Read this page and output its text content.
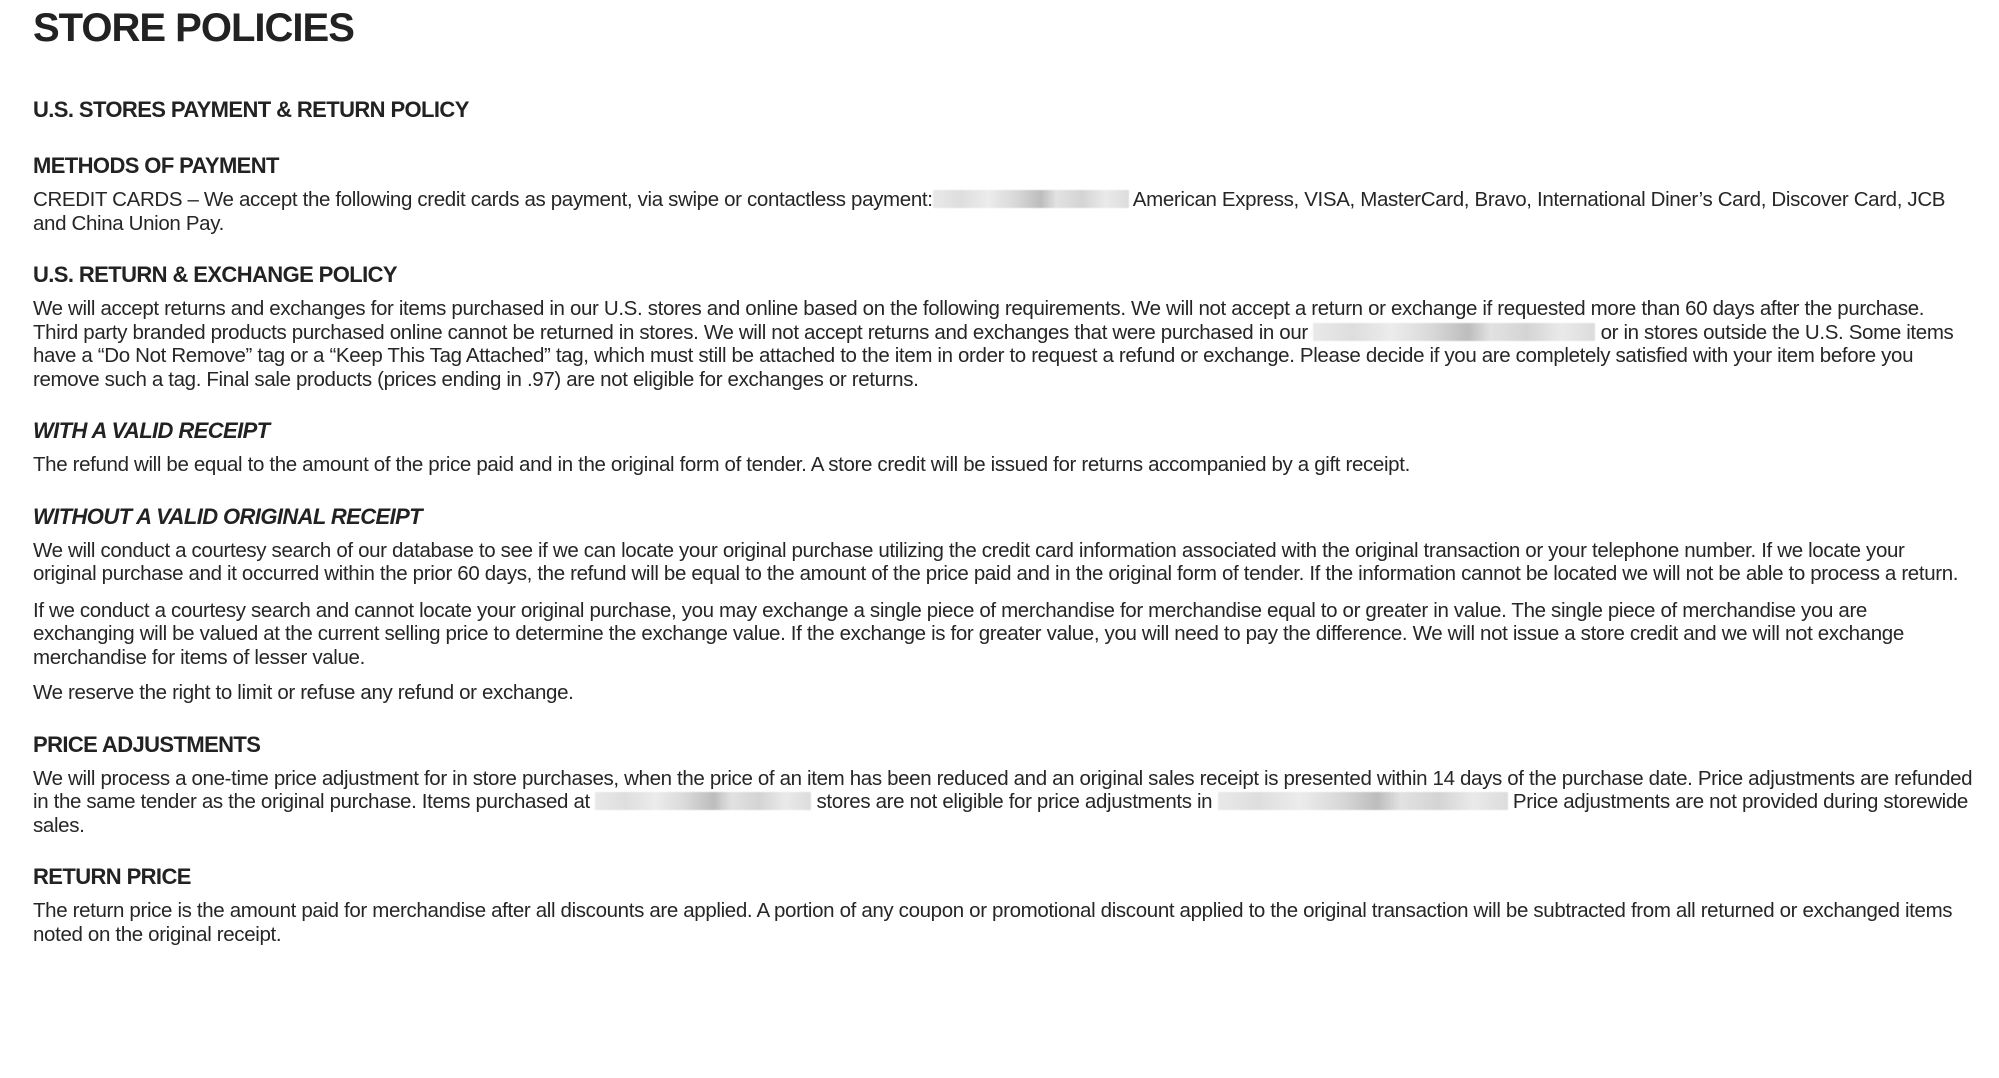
STORE POLICIES
U.S. STORES PAYMENT & RETURN POLICY
METHODS OF PAYMENT

CREDIT CARDS – We accept the following credit cards as payment, via swipe or contactless payment:	American Express, VISA, MasterCard, Bravo, International Diner’s Card, Discover Card, JCB and China Union Pay.

U.S. RETURN & EXCHANGE POLICY

We will accept returns and exchanges for items purchased in our U.S. stores and online based on the following requirements. We will not accept a return or exchange if requested more than 60 days after the purchase. Third party branded products purchased online cannot be returned in stores. We will not accept returns and exchanges that were purchased in our	or in stores outside the U.S. Some items have a “Do Not Remove” tag or a “Keep This Tag Attached” tag, which must still be attached to the item in order to request a refund or exchange. Please decide if you are completely satisfied with your item before you remove such a tag. Final sale products (prices ending in .97) are not eligible for exchanges or returns.

WITH A VALID RECEIPT

The refund will be equal to the amount of the price paid and in the original form of tender. A store credit will be issued for returns accompanied by a gift receipt.

WITHOUT A VALID ORIGINAL RECEIPT

We will conduct a courtesy search of our database to see if we can locate your original purchase utilizing the credit card information associated with the original transaction or your telephone number. If we locate your original purchase and it occurred within the prior 60 days, the refund will be equal to the amount of the price paid and in the original form of tender. If the information cannot be located we will not be able to process a return.

If we conduct a courtesy search and cannot locate your original purchase, you may exchange a single piece of merchandise for merchandise equal to or greater in value. The single piece of merchandise you are exchanging will be valued at the current selling price to determine the exchange value. If the exchange is for greater value, you will need to pay the difference. We will not issue a store credit and we will not exchange merchandise for items of lesser value.

We reserve the right to limit or refuse any refund or exchange.

PRICE ADJUSTMENTS

We will process a one-time price adjustment for in store purchases, when the price of an item has been reduced and an original sales receipt is presented within 14 days of the purchase date. Price adjustments are refunded in the same tender as the original purchase. Items purchased at	stores are not eligible for price adjustments in	Price adjustments are not provided during storewide sales.

RETURN PRICE

The return price is the amount paid for merchandise after all discounts are applied. A portion of any coupon or promotional discount applied to the original transaction will be subtracted from all returned or exchanged items noted on the original receipt.
